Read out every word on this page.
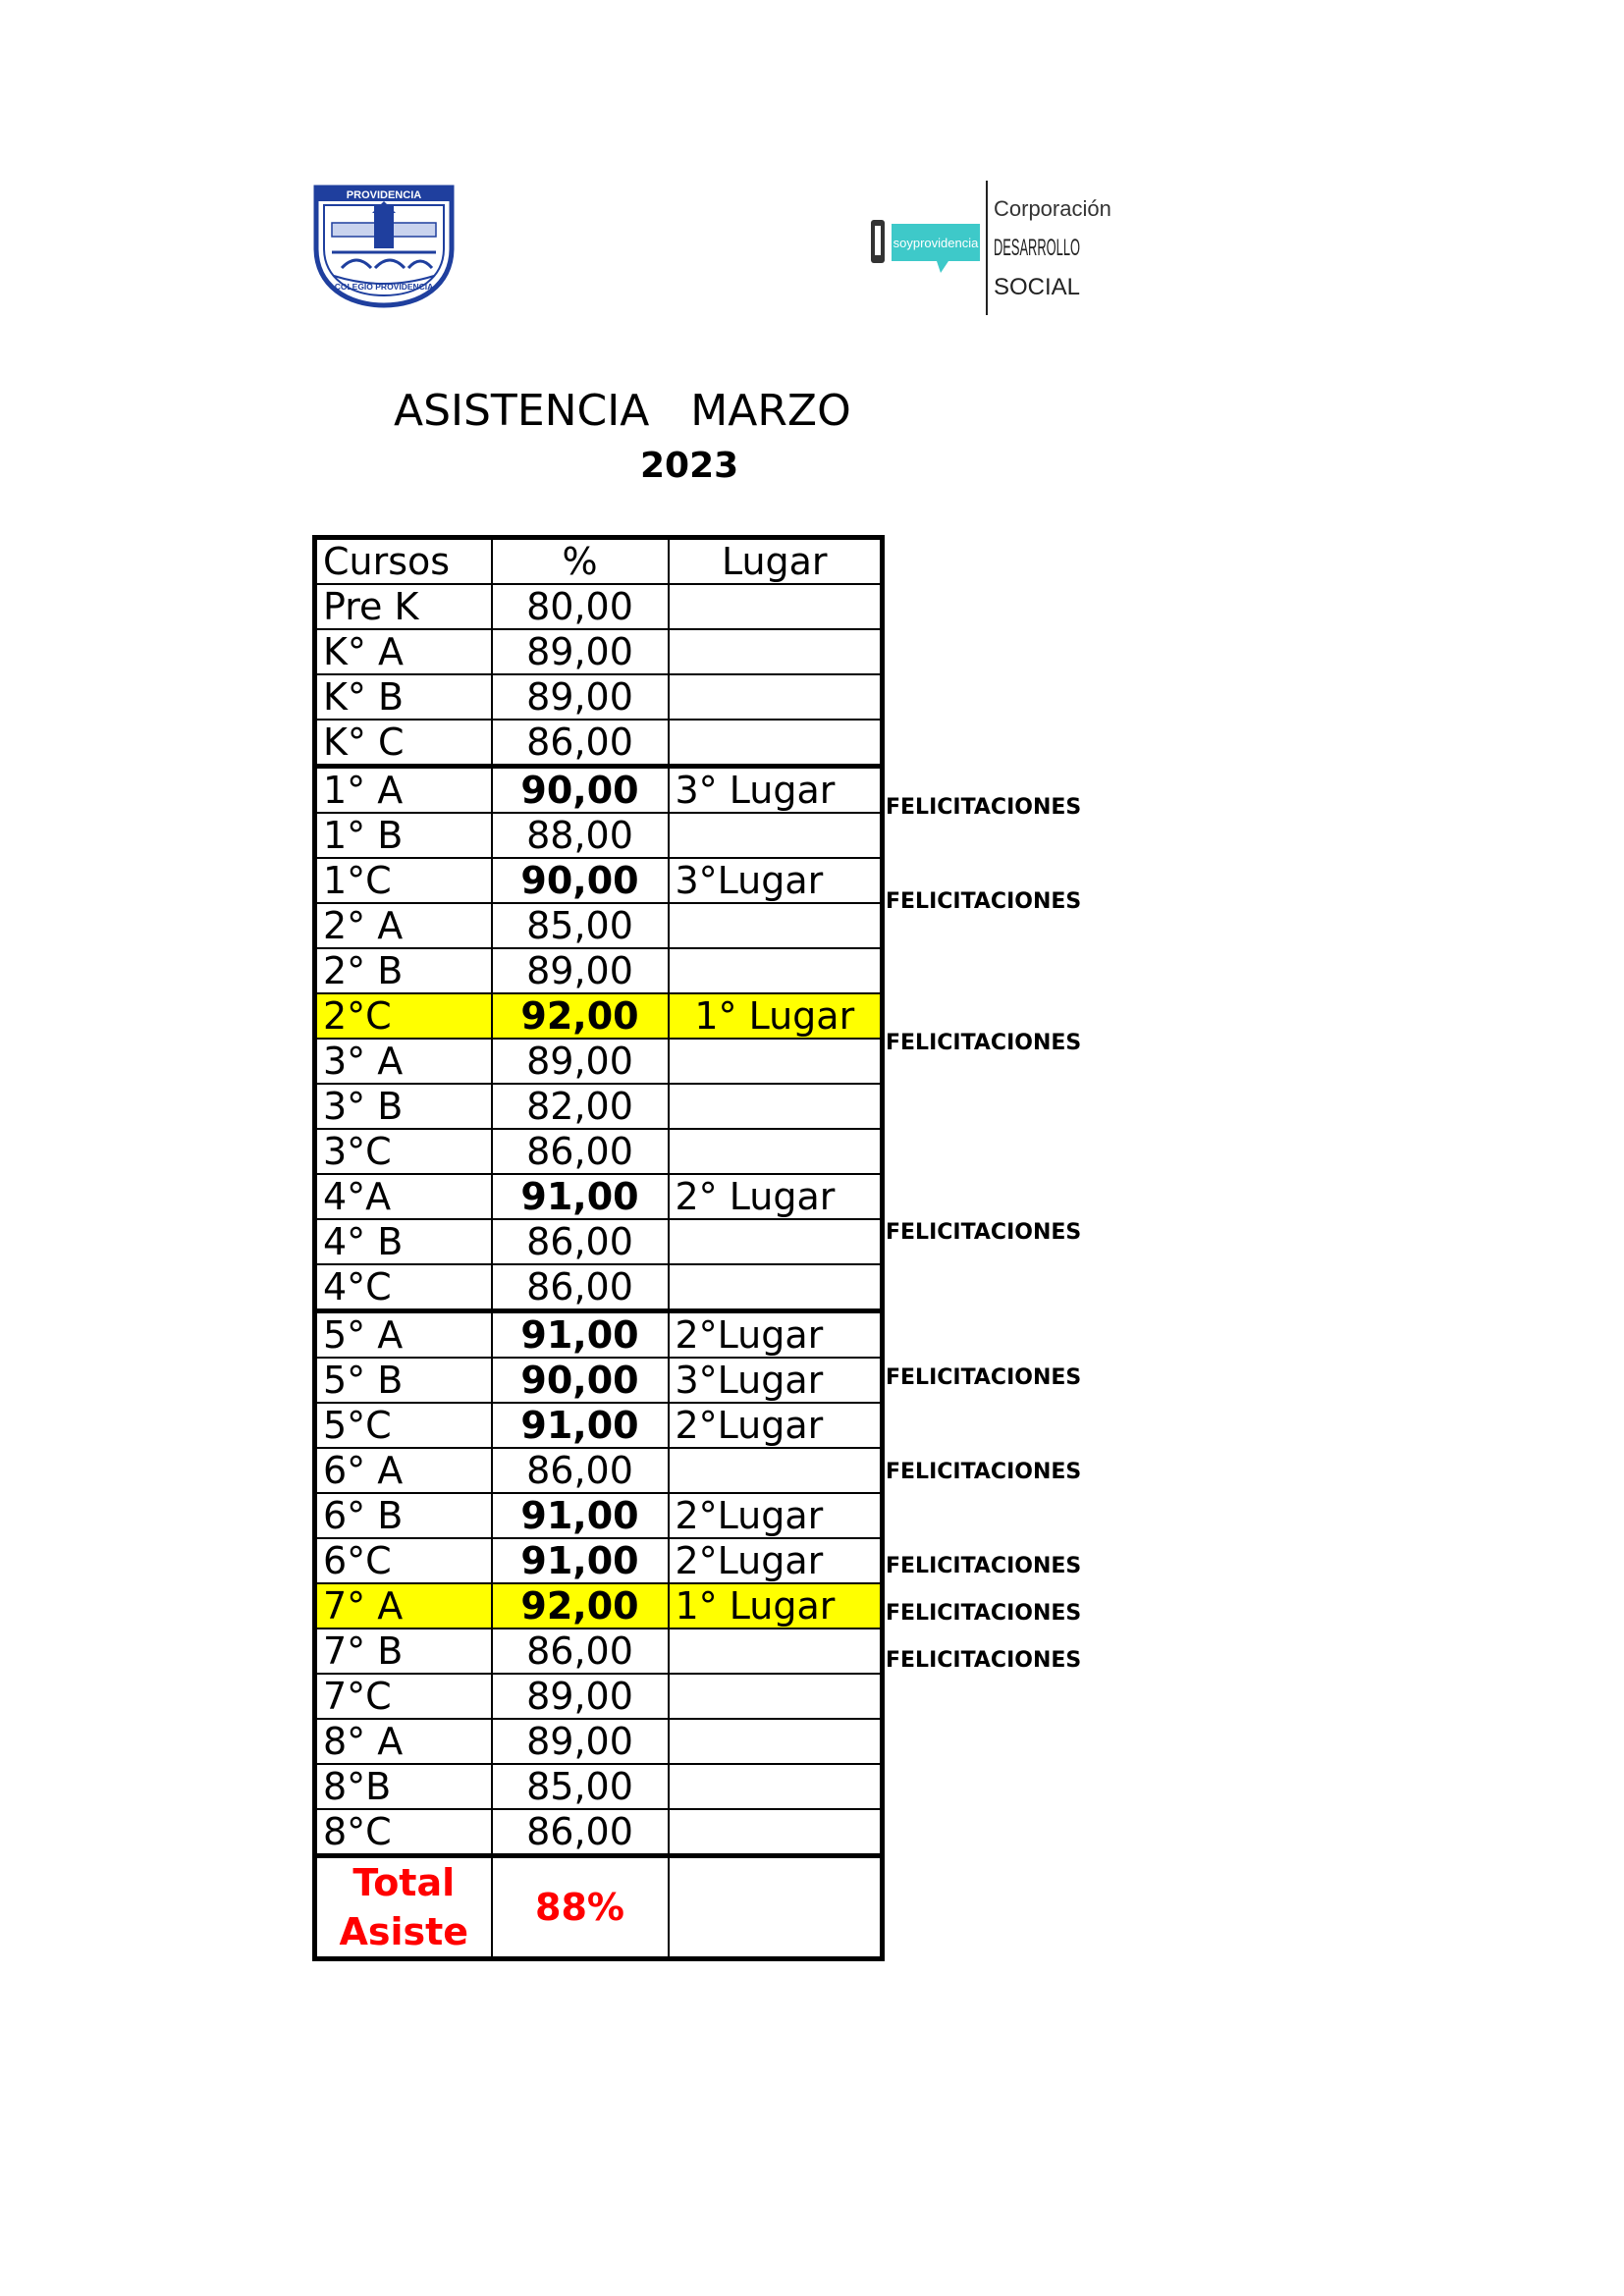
PROVIDENCIA
COLEGIO PROVIDENCIA
soyprovidencia
Corporación
DESARROLLO
SOCIAL
ASISTENCIA   MARZO
2023
Cursos	%	Lugar
Pre K	80,00	
K° A	89,00	
K° B	89,00	
K° C	86,00	
1° A	90,00	3° Lugar
1° B	88,00	
1°C	90,00	3°Lugar
2° A	85,00	
2° B	89,00	
2°C	92,00	1° Lugar
3° A	89,00	
3° B	82,00	
3°C	86,00	
4°A	91,00	2° Lugar
4° B	86,00	
4°C	86,00	
5° A	91,00	2°Lugar
5° B	90,00	3°Lugar
5°C	91,00	2°Lugar
6° A	86,00	
6° B	91,00	2°Lugar
6°C	91,00	2°Lugar
7° A	92,00	1° Lugar
7° B	86,00	
7°C	89,00	
8° A	89,00	
8°B	85,00	
8°C	86,00	
Total Asiste	88%	
FELICITACIONES
FELICITACIONES
FELICITACIONES
FELICITACIONES
FELICITACIONES
FELICITACIONES
FELICITACIONES
FELICITACIONES
FELICITACIONES
